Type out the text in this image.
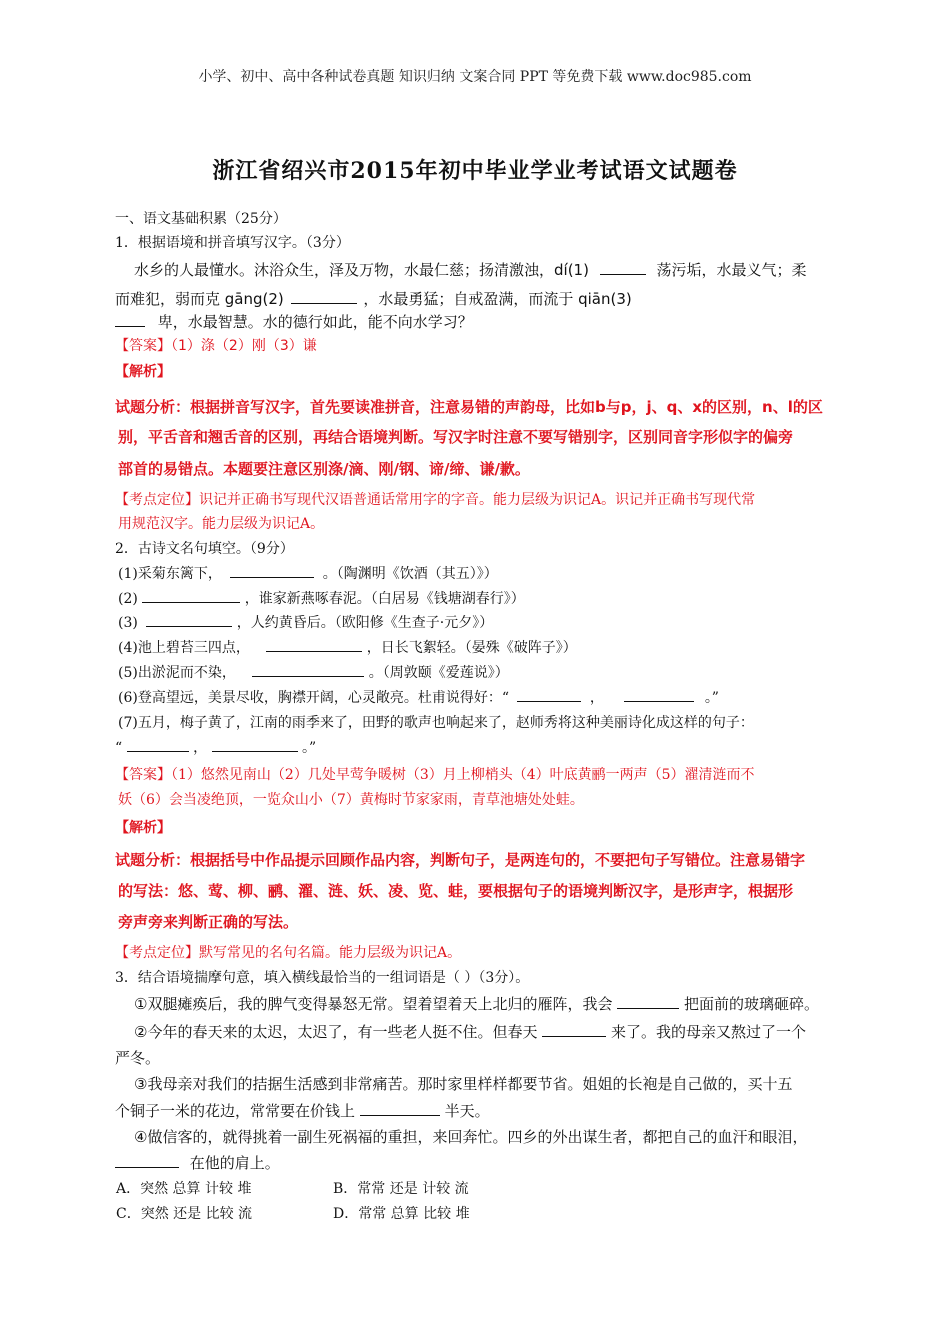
小学、初中、高中各种试卷真题 知识归纳 文案合同 PPT 等免费下载 www.doc985.com
浙江省绍兴市2015年初中毕业学业考试语文试题卷
一、语文基础积累（25分）
1．根据语境和拼音填写汉字。（3分）
水乡的人最懂水。沐浴众生，泽及万物，水最仁慈；扬清激浊，dí(1)	荡污垢，水最义气；柔
而难犯，弱而克 gāng(2)	，水最勇猛；自戒盈满，而流于 qiān(3)
卑，水最智慧。水的德行如此，能不向水学习？
【答案】（1）涤（2）刚（3）谦
【解析】
试题分析：根据拼音写汉字，首先要读准拼音，注意易错的声韵母，比如b与p，j、q、x的区别，n、l的区
别，平舌音和翘舌音的区别，再结合语境判断。写汉字时注意不要写错别字，区别同音字形似字的偏旁
部首的易错点。本题要注意区别涤/滴、刚/钢、谛/缔、谦/歉。
【考点定位】识记并正确书写现代汉语普通话常用字的字音。能力层级为识记A。识记并正确书写现代常
用规范汉字。能力层级为识记A。
2．古诗文名句填空。（9分）
(1)采菊东篱下，	。（陶渊明《饮酒（其五）》）
(2)	，谁家新燕啄春泥。（白居易《钱塘湖春行》）
(3)	，人约黄昏后。（欧阳修《生查子·元夕》）
(4)池上碧苔三四点，	，日长飞絮轻。（晏殊《破阵子》）
(5)出淤泥而不染，	。（周敦颐《爱莲说》）
(6)登高望远，美景尽收，胸襟开阔，心灵敞亮。杜甫说得好：“	，	。”
(7)五月，梅子黄了，江南的雨季来了，田野的歌声也响起来了，赵师秀将这种美丽诗化成这样的句子：
“	，	。”
【答案】（1）悠然见南山（2）几处早莺争暖树（3）月上柳梢头（4）叶底黄鹂一两声（5）濯清涟而不
妖（6）会当凌绝顶，一览众山小（7）黄梅时节家家雨，青草池塘处处蛙。
【解析】
试题分析：根据括号中作品提示回顾作品内容，判断句子，是两连句的，不要把句子写错位。注意易错字
的写法：悠、莺、柳、鹂、濯、涟、妖、凌、览、蛙，要根据句子的语境判断汉字，是形声字，根据形
旁声旁来判断正确的写法。
【考点定位】默写常见的名句名篇。能力层级为识记A。
3．结合语境揣摩句意，填入横线最恰当的一组词语是（ ）（3分）。
①双腿瘫痪后，我的脾气变得暴怒无常。望着望着天上北归的雁阵，我会	把面前的玻璃砸碎。
②今年的春天来的太迟，太迟了，有一些老人挺不住。但春天	来了。我的母亲又熬过了一个
严冬。
③我母亲对我们的拮据生活感到非常痛苦。那时家里样样都要节省。姐姐的长袍是自己做的，买十五
个铜子一米的花边，常常要在价钱上	半天。
④做信客的，就得挑着一副生死祸福的重担，来回奔忙。四乡的外出谋生者，都把自己的血汗和眼泪，
在他的肩上。
A．突然 总算 计较 堆	B．常常 还是 计较 流
C．突然 还是 比较 流	D．常常 总算 比较 堆
